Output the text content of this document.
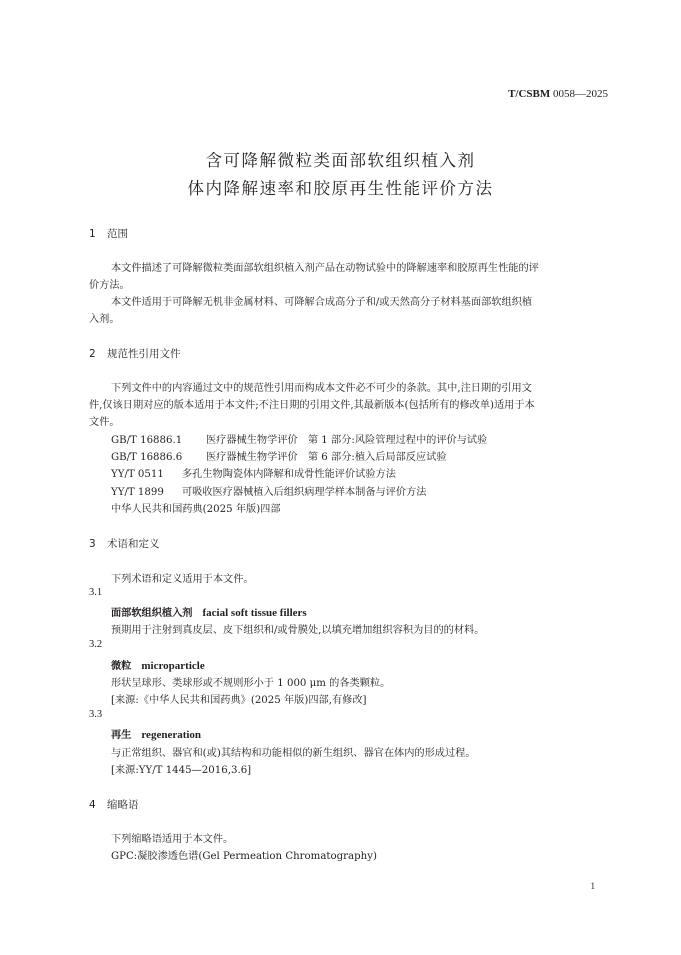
T/CSBM 0058—2025
含可降解微粒类面部软组织植入剂
体内降解速率和胶原再生性能评价方法
1 范围
本文件描述了可降解微粒类面部软组织植入剂产品在动物试验中的降解速率和胶原再生性能的评
价方法。
本文件适用于可降解无机非金属材料、可降解合成高分子和/或天然高分子材料基面部软组织植
入剂。
2 规范性引用文件
下列文件中的内容通过文中的规范性引用而构成本文件必不可少的条款。其中,注日期的引用文
件,仅该日期对应的版本适用于本文件;不注日期的引用文件,其最新版本(包括所有的修改单)适用于本
文件。
GB/T 16886.1 医疗器械生物学评价　第 1 部分:风险管理过程中的评价与试验
GB/T 16886.6 医疗器械生物学评价　第 6 部分:植入后局部反应试验
YY/T 0511 多孔生物陶瓷体内降解和成骨性能评价试验方法
YY/T 1899 可吸收医疗器械植入后组织病理学样本制备与评价方法
中华人民共和国药典(2025 年版)四部
3 术语和定义
下列术语和定义适用于本文件。
3.1
面部软组织植入剂 facial soft tissue fillers
预期用于注射到真皮层、皮下组织和/或骨膜处,以填充增加组织容积为目的的材料。
3.2
微粒 microparticle
形状呈球形、类球形或不规则形小于 1 000 μm 的各类颗粒。
[来源:《中华人民共和国药典》(2025 年版)四部,有修改]
3.3
再生 regeneration
与正常组织、器官和(或)其结构和功能相似的新生组织、器官在体内的形成过程。
[来源:YY/T 1445—2016,3.6]
4 缩略语
下列缩略语适用于本文件。
GPC:凝胶渗透色谱(Gel Permeation Chromatography)
1
